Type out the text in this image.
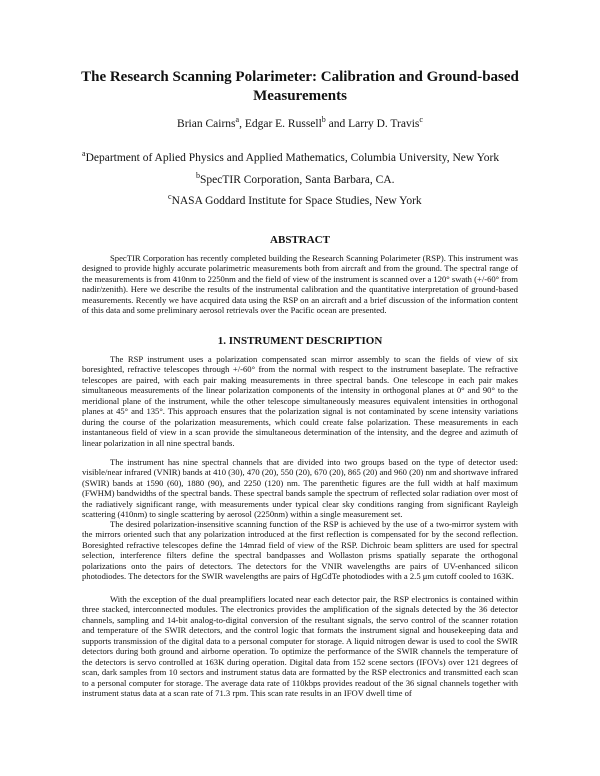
The Research Scanning Polarimeter: Calibration and Ground-based Measurements
Brian Cairns$^a$, Edgar E. Russell$^b$ and Larry D. Travis$^c$
$^a$Department of Aplied Physics and Applied Mathematics, Columbia University, New York
$^b$SpecTIR Corporation, Santa Barbara, CA.
$^c$NASA Goddard Institute for Space Studies, New York
ABSTRACT

SpecTIR Corporation has recently completed building the Research Scanning Polarimeter (RSP). This instrument was designed to provide highly accurate polarimetric measurements both from aircraft and from the ground. The spectral range of the measurements is from 410nm to 2250nm and the field of view of the instrument is scanned over a 120° swath (+/-60° from nadir/zenith). Here we describe the results of the instrumental calibration and the quantitative interpretation of ground-based measurements. Recently we have acquired data using the RSP on an aircraft and a brief discussion of the information content of this data and some preliminary aerosol retrievals over the Pacific ocean are presented.

1. INSTRUMENT DESCRIPTION

The RSP instrument uses a polarization compensated scan mirror assembly to scan the fields of view of six boresighted, refractive telescopes through +/-60° from the normal with respect to the instrument baseplate. The refractive telescopes are paired, with each pair making measurements in three spectral bands. One telescope in each pair makes simultaneous measurements of the linear polarization components of the intensity in orthogonal planes at 0° and 90° to the meridional plane of the instrument, while the other telescope simultaneously measures equivalent intensities in orthogonal planes at 45° and 135°. This approach ensures that the polarization signal is not contaminated by scene intensity variations during the course of the polarization measurements, which could create false polarization. These measurements in each instantaneous field of view in a scan provide the simultaneous determination of the intensity, and the degree and azimuth of linear polarization in all nine spectral bands.

The instrument has nine spectral channels that are divided into two groups based on the type of detector used: visible/near infrared (VNIR) bands at 410 (30), 470 (20), 550 (20), 670 (20), 865 (20) and 960 (20) nm and shortwave infrared (SWIR) bands at 1590 (60), 1880 (90), and 2250 (120) nm. The parenthetic figures are the full width at half maximum (FWHM) bandwidths of the spectral bands. These spectral bands sample the spectrum of reflected solar radiation over most of the radiatively significant range, with measurements under typical clear sky conditions ranging from significant Rayleigh scattering (410nm) to single scattering by aerosol (2250nm) within a single measurement set.

The desired polarization-insensitive scanning function of the RSP is achieved by the use of a two-mirror system with the mirrors oriented such that any polarization introduced at the first reflection is compensated for by the second reflection. Boresighted refractive telescopes define the 14mrad field of view of the RSP. Dichroic beam splitters are used for spectral selection, interference filters define the spectral bandpasses and Wollaston prisms spatially separate the orthogonal polarizations onto the pairs of detectors. The detectors for the VNIR wavelengths are pairs of UV-enhanced silicon photodiodes. The detectors for the SWIR wavelengths are pairs of HgCdTe photodiodes with a 2.5 μm cutoff cooled to 163K.

With the exception of the dual preamplifiers located near each detector pair, the RSP electronics is contained within three stacked, interconnected modules. The electronics provides the amplification of the signals detected by the 36 detector channels, sampling and 14-bit analog-to-digital conversion of the resultant signals, the servo control of the scanner rotation and temperature of the SWIR detectors, and the control logic that formats the instrument signal and housekeeping data and supports transmission of the digital data to a personal computer for storage. A liquid nitrogen dewar is used to cool the SWIR detectors during both ground and airborne operation. To optimize the performance of the SWIR channels the temperature of the detectors is servo controlled at 163K during operation. Digital data from 152 scene sectors (IFOVs) over 121 degrees of scan, dark samples from 10 sectors and instrument status data are formatted by the RSP electronics and transmitted each scan to a personal computer for storage. The average data rate of 110kbps provides readout of the 36 signal channels together with instrument status data at a scan rate of 71.3 rpm. This scan rate results in an IFOV dwell time of
